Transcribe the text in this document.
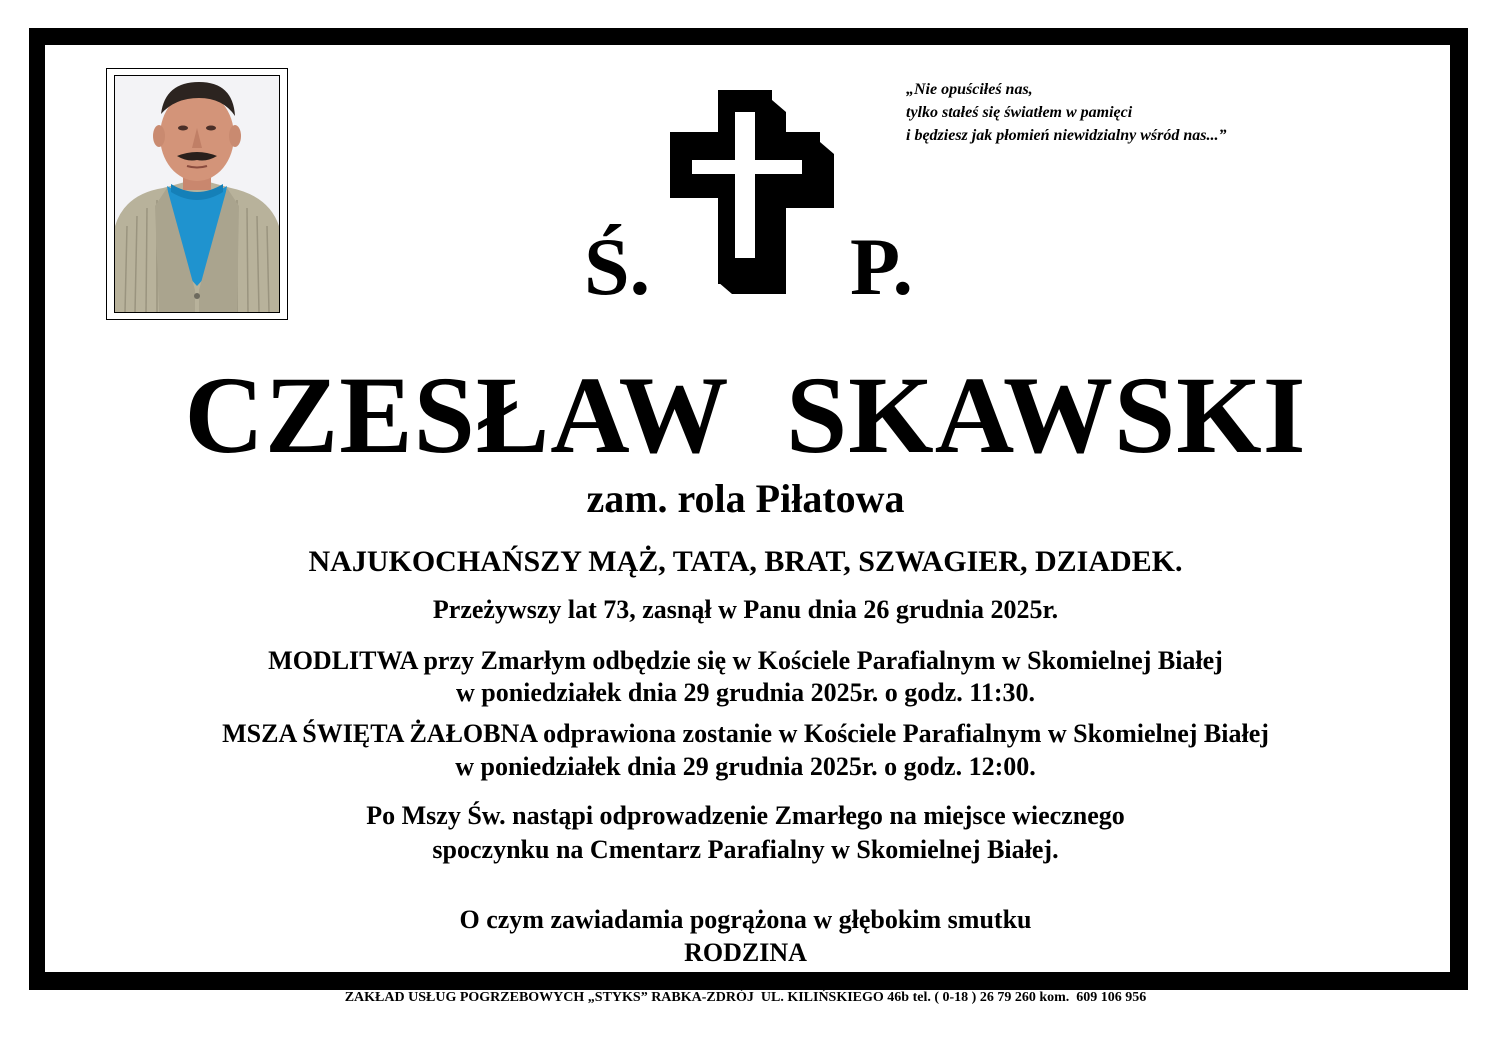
„Nie opuściłeś nas,
tylko stałeś się światłem w pamięci
i będziesz jak płomień niewidzialny wśród nas...”
Ś. P.
CZESŁAW SKAWSKI
zam. rola Piłatowa
NAJUKOCHAŃSZY MĄŻ, TATA, BRAT, SZWAGIER, DZIADEK.
Przeżywszy lat 73, zasnął w Panu dnia 26 grudnia 2025r.
MODLITWA przy Zmarłym odbędzie się w Kościele Parafialnym w Skomielnej Białej
w poniedziałek dnia 29 grudnia 2025r. o godz. 11:30.
MSZA ŚWIĘTA ŻAŁOBNA odprawiona zostanie w Kościele Parafialnym w Skomielnej Białej
w poniedziałek dnia 29 grudnia 2025r. o godz. 12:00.
Po Mszy Św. nastąpi odprowadzenie Zmarłego na miejsce wiecznego
spoczynku na Cmentarz Parafialny w Skomielnej Białej.
O czym zawiadamia pogrążona w głębokim smutku
RODZINA
ZAKŁAD USŁUG POGRZEBOWYCH „STYKS” RABKA-ZDRÓJ  UL. KILIŃSKIEGO 46b tel. ( 0-18 ) 26 79 260 kom.  609 106 956
